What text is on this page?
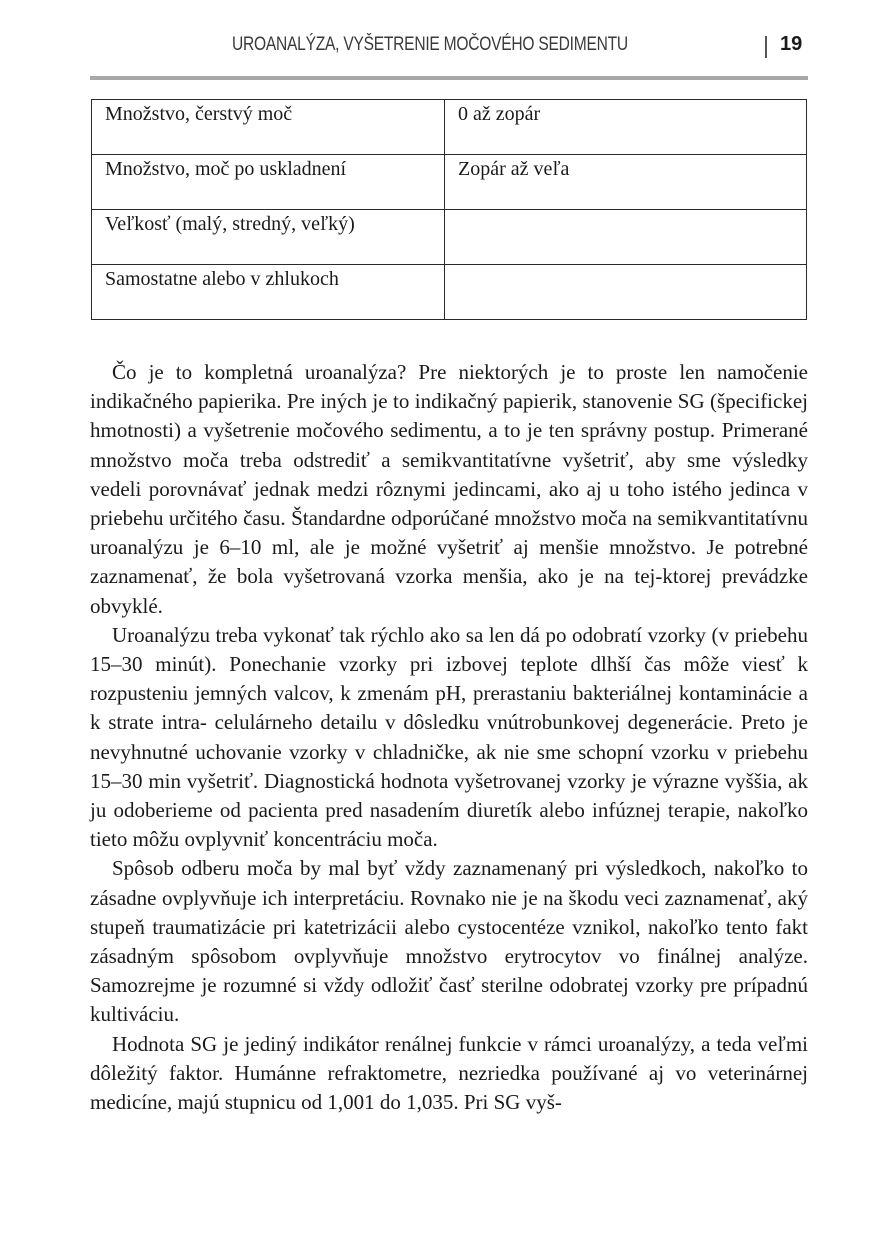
UROANALÝZA, VYŠETRENIE MOČOVÉHO SEDIMENTU	19
Množstvo, čerstvý moč	0 až zopár
Množstvo, moč po uskladnení	Zopár až veľa
Veľkosť (malý, stredný, veľký)	
Samostatne alebo v zhlukoch	

Čo je to kompletná uroanalýza? Pre niektorých je to proste len namočenie indikačného papierika. Pre iných je to indikačný papierik, stanovenie SG (špecifickej hmotnosti) a vyšetrenie močového sedimentu, a to je ten správny postup. Primerané množstvo moča treba odstrediť a semikvantitatívne vyšetriť, aby sme výsledky vedeli porovnávať jednak medzi rôznymi jedincami, ako aj u toho istého jedinca v priebehu určitého času. Štandardne odporúčané množstvo moča na semikvantitatívnu uroanalýzu je 6–10 ml, ale je možné vyšetriť aj menšie množstvo. Je potrebné zaznamenať, že bola vyšetrovaná vzorka menšia, ako je na tej-ktorej prevádzke obvyklé.

Uroanalýzu treba vykonať tak rýchlo ako sa len dá po odobratí vzorky (v priebehu 15–30 minút). Ponechanie vzorky pri izbovej teplote dlhší čas môže viesť k rozpusteniu jemných valcov, k zmenám pH, prerastaniu bakteriálnej kontaminácie a k strate intra- celulárneho detailu v dôsledku vnútrobunkovej degenerácie. Preto je nevyhnutné uchovanie vzorky v chladničke, ak nie sme schopní vzorku v priebehu 15–30 min vyšetriť. Diagnostická hodnota vyšetrovanej vzorky je výrazne vyššia, ak ju odoberieme od pacienta pred nasadením diuretík alebo infúznej terapie, nakoľko tieto môžu ovplyvniť koncentráciu moča.

Spôsob odberu moča by mal byť vždy zaznamenaný pri výsledkoch, nakoľko to zásadne ovplyvňuje ich interpretáciu. Rovnako nie je na škodu veci zaznamenať, aký stupeň traumatizácie pri katetrizácii alebo cystocentéze vznikol, nakoľko tento fakt zásadným spôsobom ovplyvňuje množstvo erytrocytov vo finálnej analýze. Samozrejme je rozumné si vždy odložiť časť sterilne odobratej vzorky pre prípadnú kultiváciu.

Hodnota SG je jediný indikátor renálnej funkcie v rámci uroanalýzy, a teda veľmi dôležitý faktor. Humánne refraktometre, nezriedka používané aj vo veterinárnej medicíne, majú stupnicu od 1,001 do 1,035. Pri SG vyš-
